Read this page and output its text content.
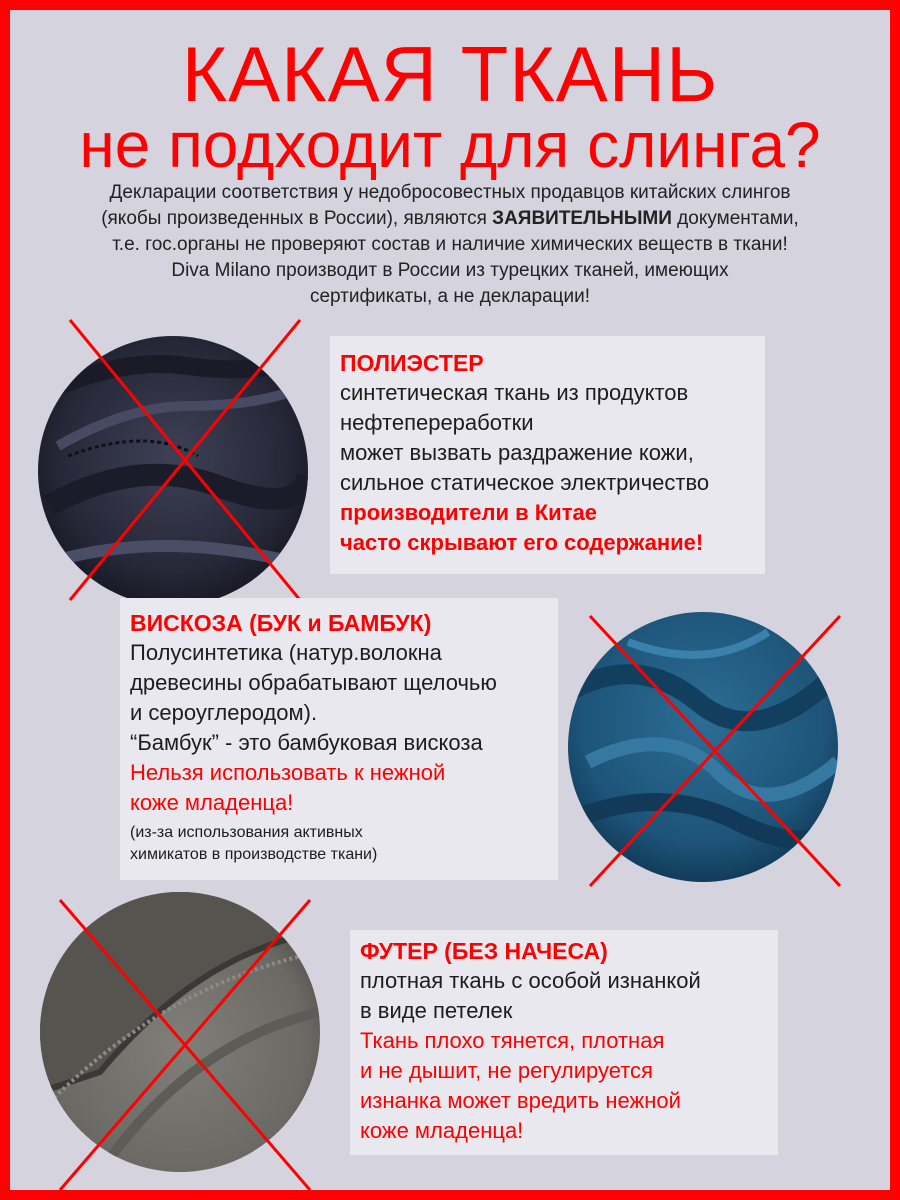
КАКАЯ ТКАНЬ
не подходит для слинга?
Декларации соответствия у недобросовестных продавцов китайских слингов
(якобы произведенных в России), являются ЗАЯВИТЕЛЬНЫМИ документами,
т.е. гос.органы не проверяют состав и наличие химических веществ в ткани!
Diva Milano производит в России из турецких тканей, имеющих
сертификаты, а не декларации!
ПОЛИЭСТЕР
синтетическая ткань из продуктов
нефтепереработки
может вызвать раздражение кожи,
сильное статическое электричество
производители в Китае
часто скрывают его содержание!
ВИСКОЗА (БУК и БАМБУК)
Полусинтетика (натур.волокна
древесины обрабатывают щелочью
и сероуглеродом).
“Бамбук” - это бамбуковая вискоза
Нельзя использовать к нежной
коже младенца!
(из-за использования активных
химикатов в производстве ткани)
ФУТЕР (БЕЗ НАЧЕСА)
плотная ткань с особой изнанкой
в виде петелек
Ткань плохо тянется, плотная
и не дышит, не регулируется
изнанка может вредить нежной
коже младенца!
